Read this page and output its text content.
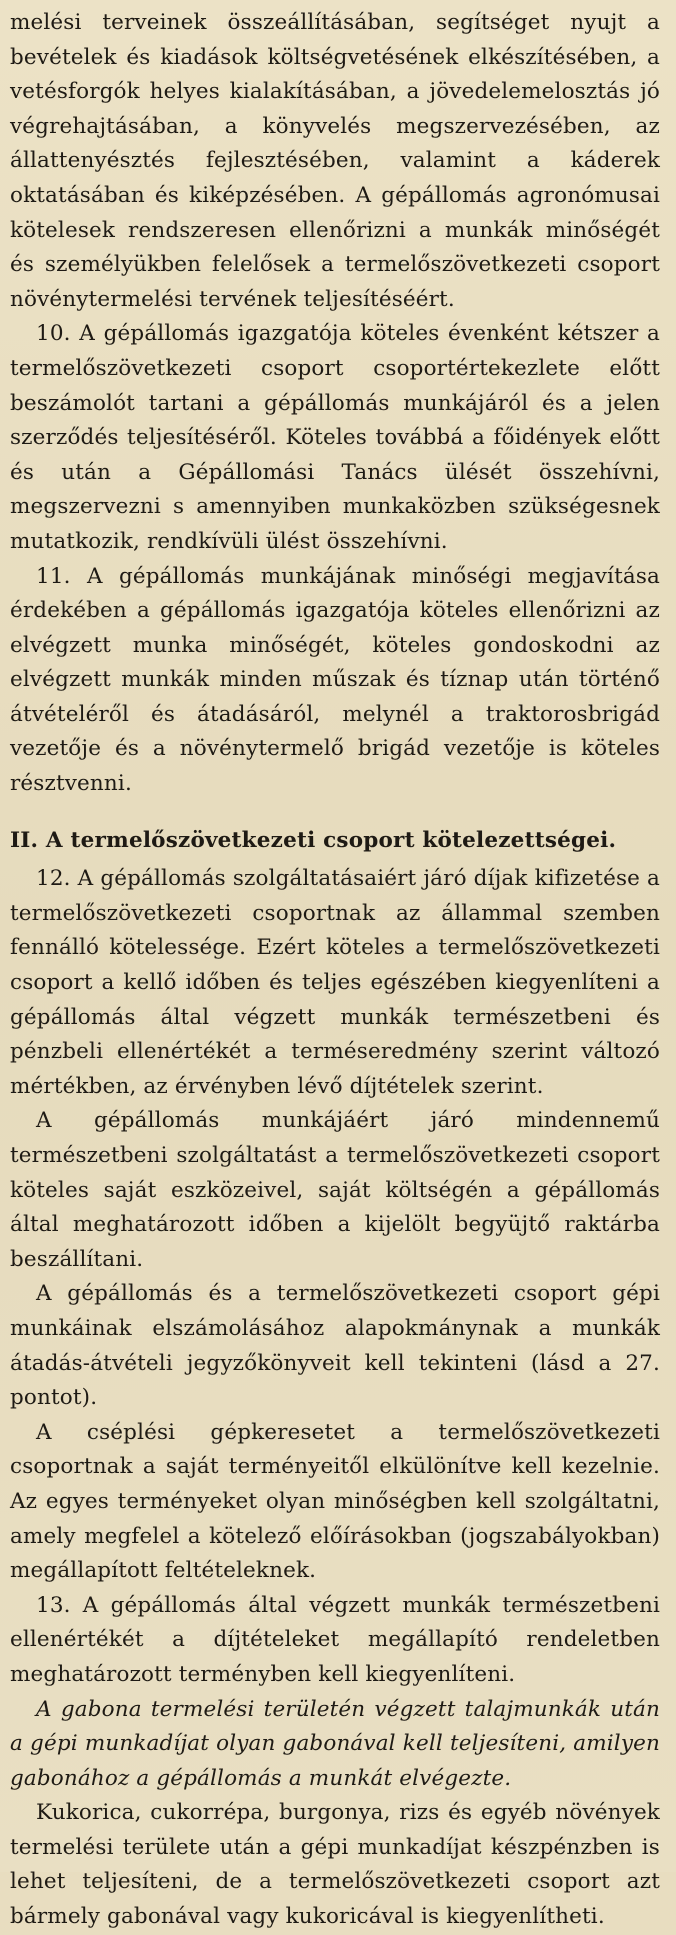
melési terveinek összeállításában, segítséget nyujt a bevételek és kiadások költségvetésének elkészítésében, a vetésforgók helyes kialakításában, a jövedelemelosztás jó végrehajtásában, a könyvelés megszervezésében, az állattenyésztés fejlesztésében, valamint a káderek oktatásában és kiképzésében. A gépállomás agronómusai kötelesek rendszeresen ellenőrizni a munkák minőségét és személyükben felelősek a termelőszövetkezeti csoport növénytermelési tervének teljesítéséért.

10. A gépállomás igazgatója köteles évenként kétszer a termelőszövetkezeti csoport csoportértekezlete előtt beszámolót tartani a gépállomás munkájáról és a jelen szerződés teljesítéséről. Köteles továbbá a főidények előtt és után a Gépállomási Tanács ülését összehívni, megszervezni s amennyiben munkaközben szükségesnek mutatkozik, rendkívüli ülést összehívni.

11. A gépállomás munkájának minőségi megjavítása érdekében a gépállomás igazgatója köteles ellenőrizni az elvégzett munka minőségét, köteles gondoskodni az elvégzett munkák minden műszak és tíznap után történő átvételéről és átadásáról, melynél a traktorosbrigád vezetője és a növénytermelő brigád vezetője is köteles résztvenni.

II. A termelőszövetkezeti csoport kötelezettségei.

12. A gépállomás szolgáltatásaiért járó díjak kifizetése a termelőszövetkezeti csoportnak az állammal szemben fennálló kötelessége. Ezért köteles a termelőszövetkezeti csoport a kellő időben és teljes egészében kiegyenlíteni a gépállomás által végzett munkák természetbeni és pénzbeli ellenértékét a terméseredmény szerint változó mértékben, az érvényben lévő díjtételek szerint.

A gépállomás munkájáért járó mindennemű természetbeni szolgáltatást a termelőszövetkezeti csoport köteles saját eszközeivel, saját költségén a gépállomás által meghatározott időben a kijelölt begyüjtő raktárba beszállítani.

A gépállomás és a termelőszövetkezeti csoport gépi munkáinak elszámolásához alapokmánynak a munkák átadás-átvételi jegyzőkönyveit kell tekinteni (lásd a 27. pontot).

A cséplési gépkeresetet a termelőszövetkezeti csoportnak a saját terményeitől elkülönítve kell kezelnie. Az egyes terményeket olyan minőségben kell szolgáltatni, amely megfelel a kötelező előírásokban (jogszabályokban) megállapított feltételeknek.

13. A gépállomás által végzett munkák természetbeni ellenértékét a díjtételeket megállapító rendeletben meghatározott terményben kell kiegyenlíteni.

A gabona termelési területén végzett talajmunkák után a gépi munkadíjat olyan gabonával kell teljesíteni, amilyen gabonához a gépállomás a munkát elvégezte.

Kukorica, cukorrépa, burgonya, rizs és egyéb növények termelési területe után a gépi munkadíjat készpénzben is lehet teljesíteni, de a termelőszövetkezeti csoport azt bármely gabonával vagy kukoricával is kiegyenlítheti.
